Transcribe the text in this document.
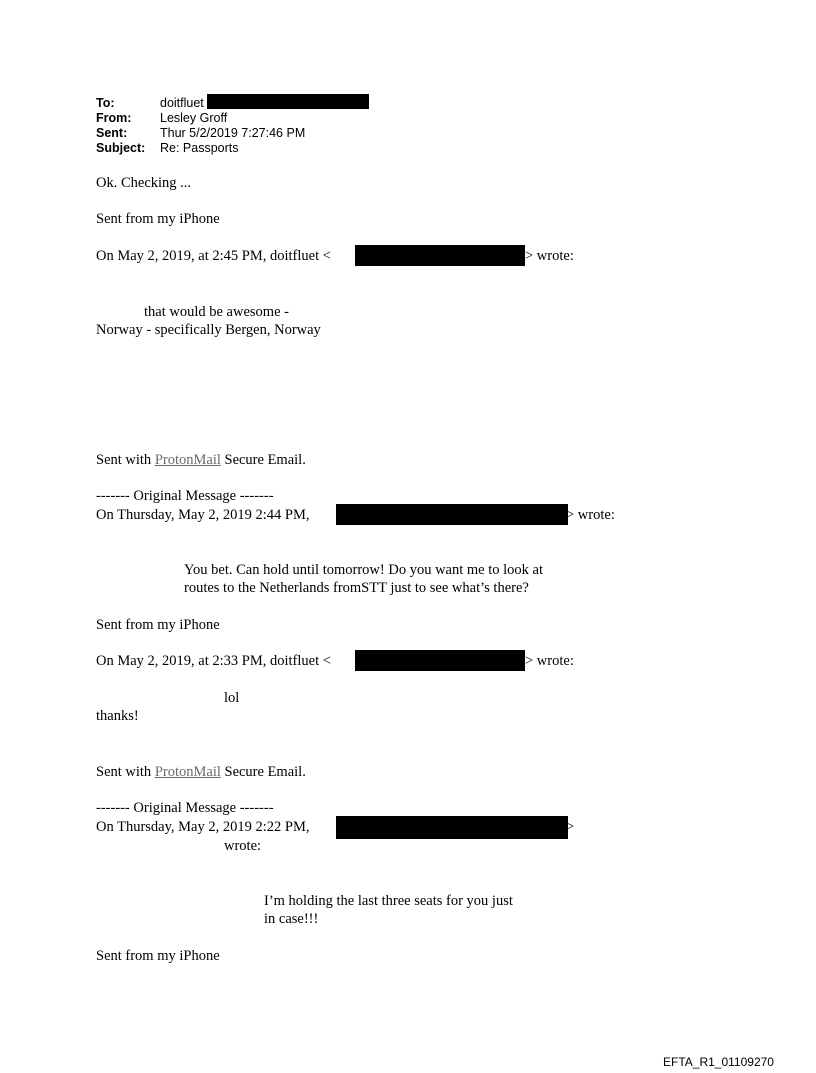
To:	doitfluet
From: Lesley Groff
Sent:	Thur 5/2/2019 7:27:46 PM
Subject: Re: Passports
Ok. Checking ...
Sent from my iPhone
On May 2, 2019, at 2:45 PM, doitfluet <	> wrote:
that would be awesome -
Norway - specifically Bergen, Norway
Sent with ProtonMail Secure Email.
------- Original Message -------
On Thursday, May 2, 2019 2:44 PM,	> wrote:
You bet. Can hold until tomorrow! Do you want me to look at
routes to the Netherlands fromSTT just to see what’s there?
Sent from my iPhone
On May 2, 2019, at 2:33 PM, doitfluet <	> wrote:
lol
thanks!
Sent with ProtonMail Secure Email.
------- Original Message -------
On Thursday, May 2, 2019 2:22 PM,	>
wrote:
I’m holding the last three seats for you just
in case!!!
Sent from my iPhone
EFTA_R1_01109270
